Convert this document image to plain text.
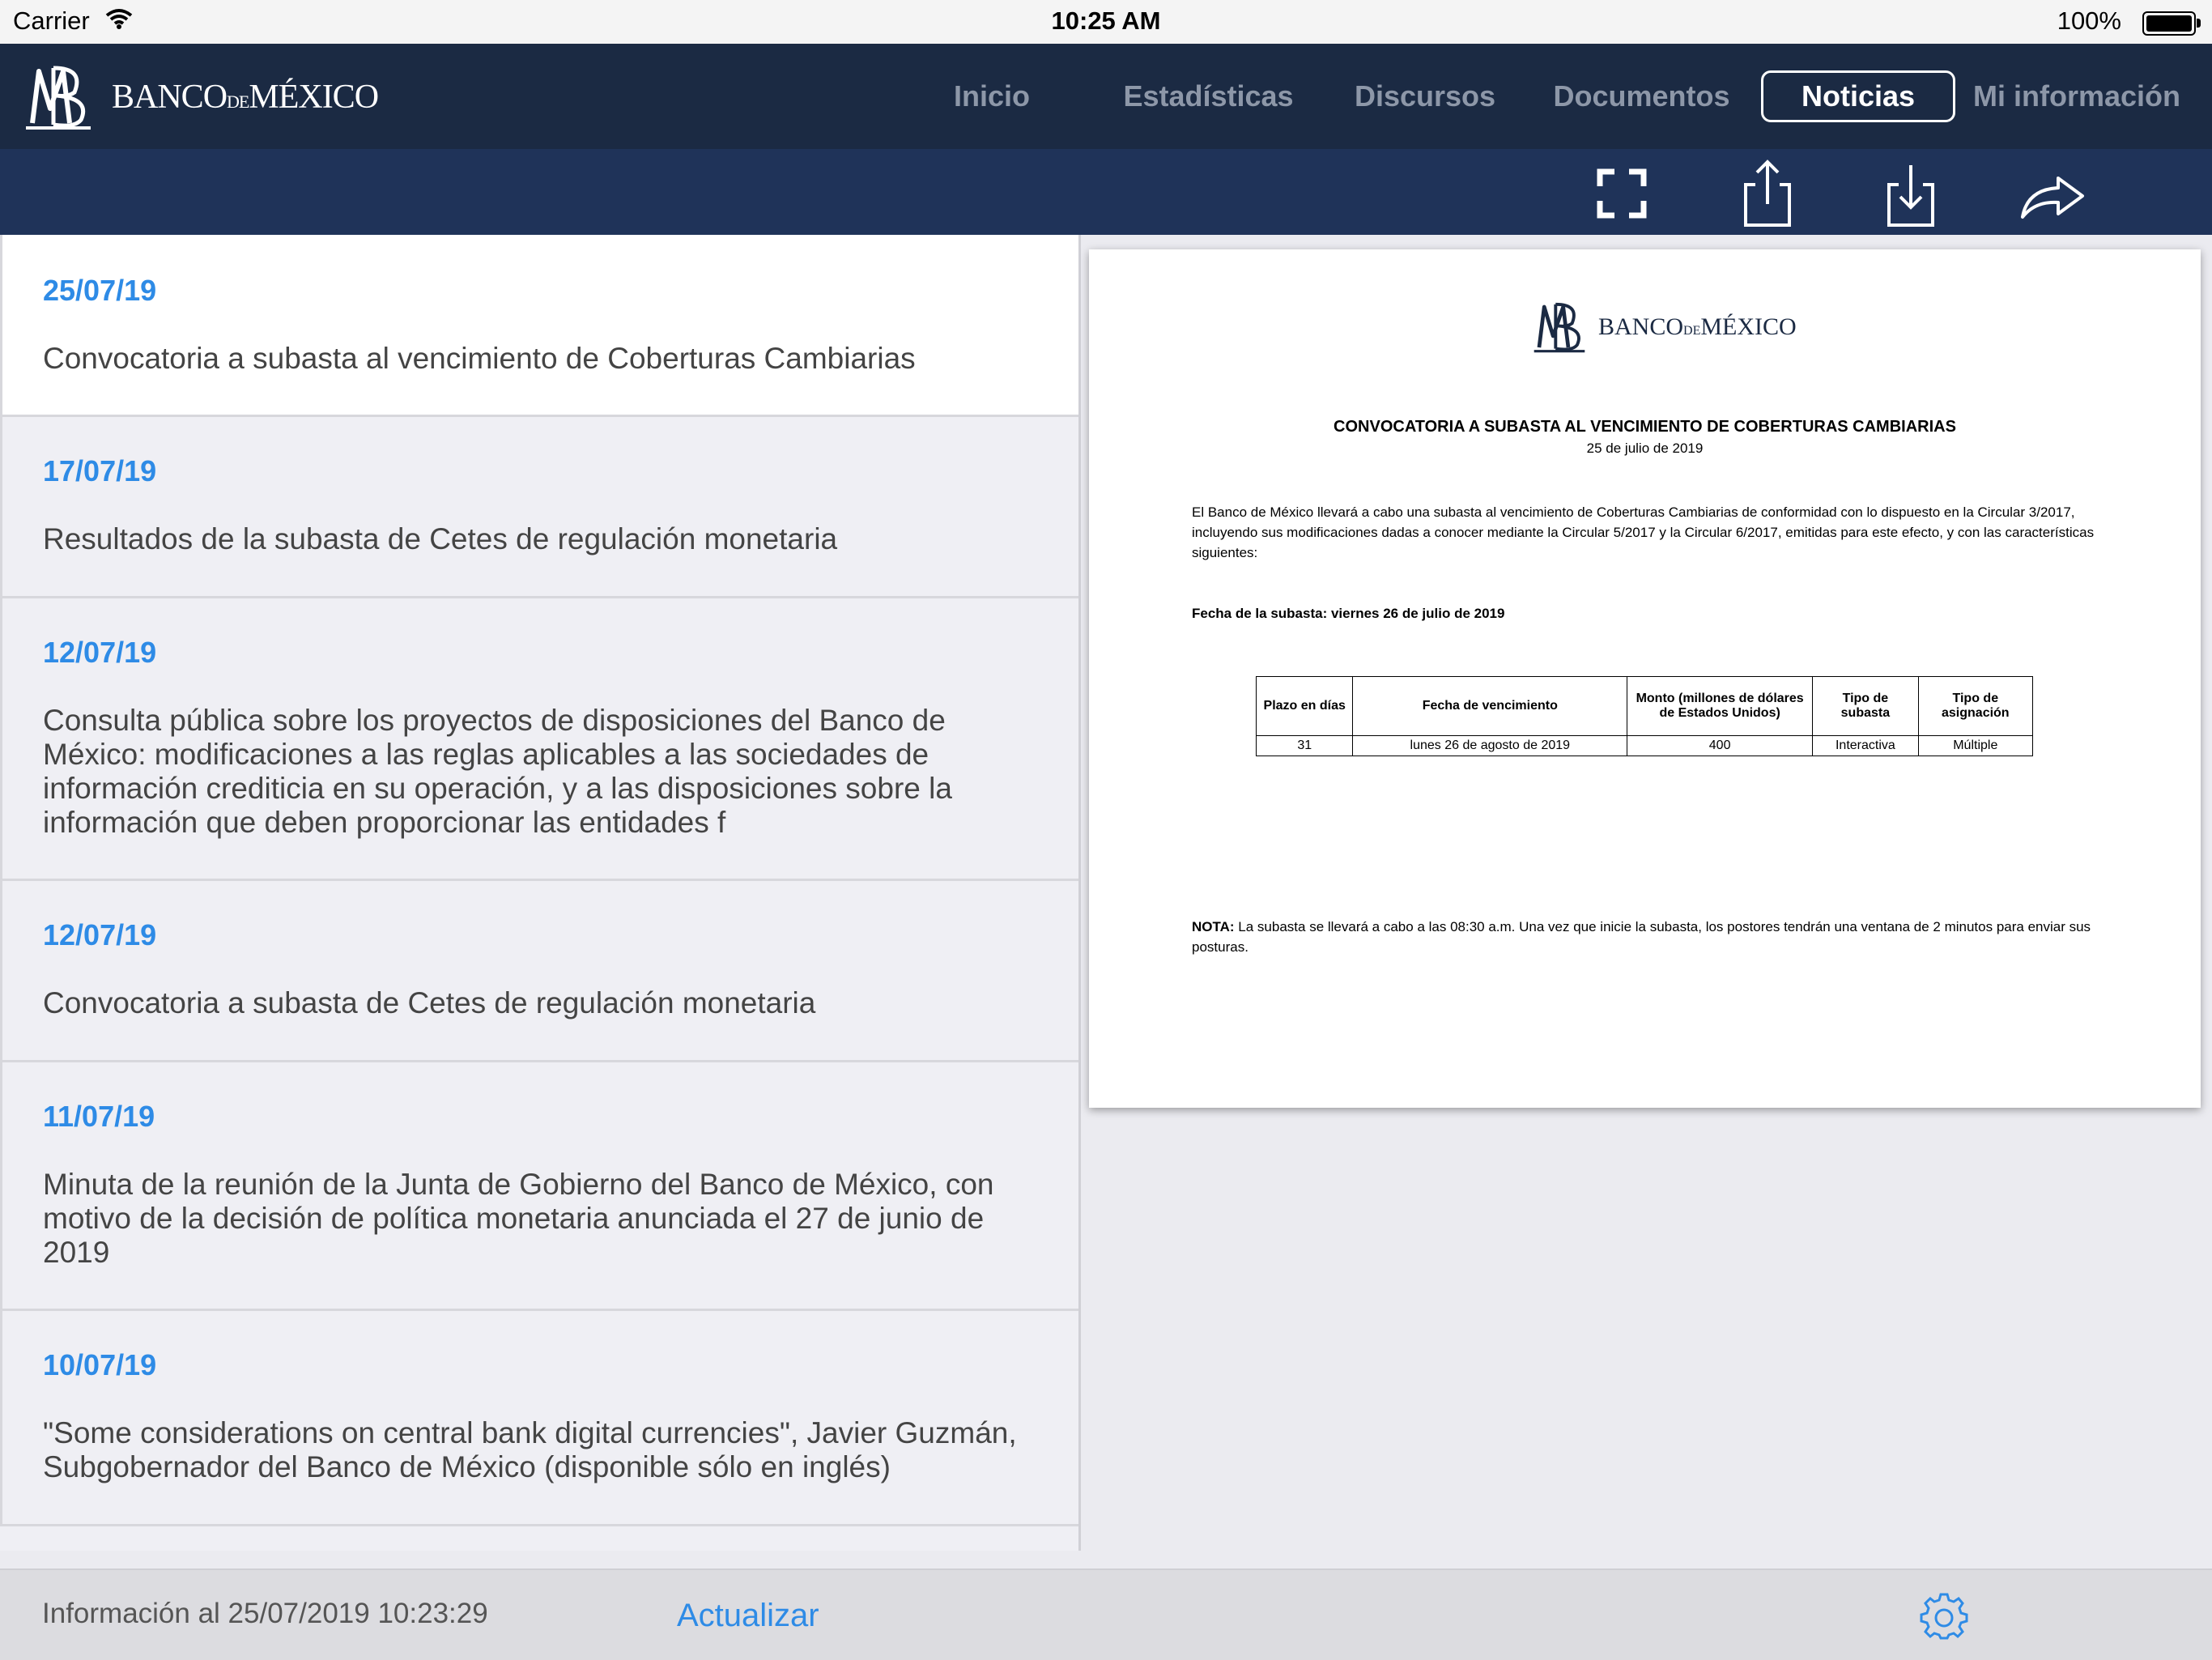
Carrier	10:25 AM	100%
BANCODEMÉXICO	Inicio	Estadísticas	Discursos	Documentos	Noticias	Mi información
25/07/19
Convocatoria a subasta al vencimiento de Coberturas Cambiarias
17/07/19
Resultados de la subasta de Cetes de regulación monetaria
12/07/19
Consulta pública sobre los proyectos de disposiciones del Banco de México: modificaciones a las reglas aplicables a las sociedades de información crediticia en su operación, y a las disposiciones sobre la información que deben proporcionar las entidades f
12/07/19
Convocatoria a subasta de Cetes de regulación monetaria
11/07/19
Minuta de la reunión de la Junta de Gobierno del Banco de México, con motivo de la decisión de política monetaria anunciada el 27 de junio de 2019
10/07/19
"Some considerations on central bank digital currencies", Javier Guzmán, Subgobernador del Banco de México (disponible sólo en inglés)
BANCODEMÉXICO
CONVOCATORIA A SUBASTA AL VENCIMIENTO DE COBERTURAS CAMBIARIAS
25 de julio de 2019
El Banco de México llevará a cabo una subasta al vencimiento de Coberturas Cambiarias de conformidad con lo dispuesto en la Circular 3/2017, incluyendo sus modificaciones dadas a conocer mediante la Circular 5/2017 y la Circular 6/2017, emitidas para este efecto, y con las características siguientes:
Fecha de la subasta: viernes 26 de julio de 2019
Plazo en días	Fecha de vencimiento	Monto (millones de dólares de Estados Unidos)	Tipo de subasta	Tipo de asignación
31	lunes 26 de agosto de 2019	400	Interactiva	Múltiple
NOTA: La subasta se llevará a cabo a las 08:30 a.m. Una vez que inicie la subasta, los postores tendrán una ventana de 2 minutos para enviar sus posturas.
Información al 25/07/2019 10:23:29	Actualizar
